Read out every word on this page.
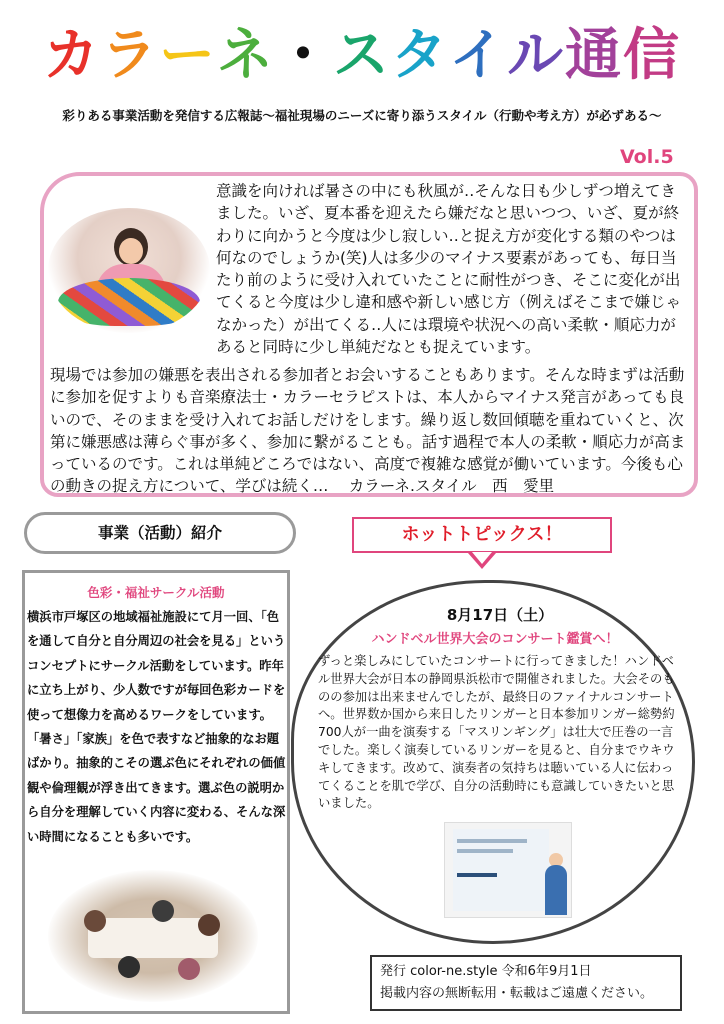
カラーネ・スタイル通信
彩りある事業活動を発信する広報誌～福祉現場のニーズに寄り添うスタイル（行動や考え方）が必ずある～
Vol.5
意識を向ければ暑さの中にも秋風が‥そんな日も少しずつ増えてきました。いざ、夏本番を迎えたら嫌だなと思いつつ、いざ、夏が終わりに向かうと今度は少し寂しい‥と捉え方が変化する類のやつは何なのでしょうか(笑)人は多少のマイナス要素があっても、毎日当たり前のように受け入れていたことに耐性がつき、そこに変化が出てくると今度は少し違和感や新しい感じ方（例えばそこまで嫌じゃなかった）が出てくる‥人には環境や状況への高い柔軟・順応力があると同時に少し単純だなとも捉えています。
現場では参加の嫌悪を表出される参加者とお会いすることもあります。そんな時まずは活動に参加を促すよりも音楽療法士・カラーセラピストは、本人からマイナス発言があっても良いので、そのままを受け入れてお話しだけをします。繰り返し数回傾聴を重ねていくと、次第に嫌悪感は薄らぐ事が多く、参加に繋がることも。話す過程で本人の柔軟・順応力が高まっているのです。これは単純どころではない、高度で複雑な感覚が働いています。今後も心の動きの捉え方について、学びは続く…　 カラーネ.スタイル　西　愛里
事業（活動）紹介	ホットトピックス！
色彩・福祉サークル活動
横浜市戸塚区の地域福祉施設にて月一回、「色を通して自分と自分周辺の社会を見る」というコンセプトにサークル活動をしています。昨年に立ち上がり、少人数ですが毎回色彩カードを使って想像力を高めるワークをしています。「暑さ」「家族」を色で表すなど抽象的なお題ばかり。抽象的こその選ぶ色にそれぞれの価値観や倫理観が浮き出てきます。選ぶ色の説明から自分を理解していく内容に変わる、そんな深い時間になることも多いです。
8月17日（土）
ハンドベル世界大会のコンサート鑑賞へ！
ずっと楽しみにしていたコンサートに行ってきました！ハンドベル世界大会が日本の静岡県浜松市で開催されました。大会そのものの参加は出来ませんでしたが、最終日のファイナルコンサートへ。世界数か国から来日したリンガーと日本参加リンガー総勢約700人が一曲を演奏する「マスリンギング」は壮大で圧巻の一言でした。楽しく演奏しているリンガーを見ると、自分までウキウキしてきます。改めて、演奏者の気持ちは聴いている人に伝わってくることを肌で学び、自分の活動時にも意識していきたいと思いました。
発行 color-ne.style 令和6年9月1日
掲載内容の無断転用・転載はご遠慮ください。
